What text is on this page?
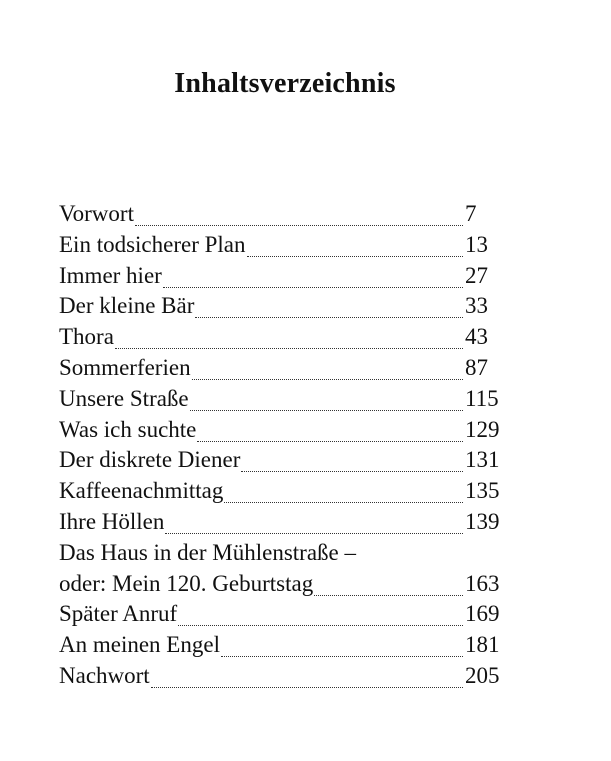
Inhaltsverzeichnis
Vorwort	7
Ein todsicherer Plan	13
Immer hier	27
Der kleine Bär	33
Thora	43
Sommerferien	87
Unsere Straße	115
Was ich suchte	129
Der diskrete Diener	131
Kaffeenachmittag	135
Ihre Höllen	139
Das Haus in der Mühlenstraße –
oder: Mein 120. Geburtstag	163
Später Anruf	169
An meinen Engel	181
Nachwort	205
